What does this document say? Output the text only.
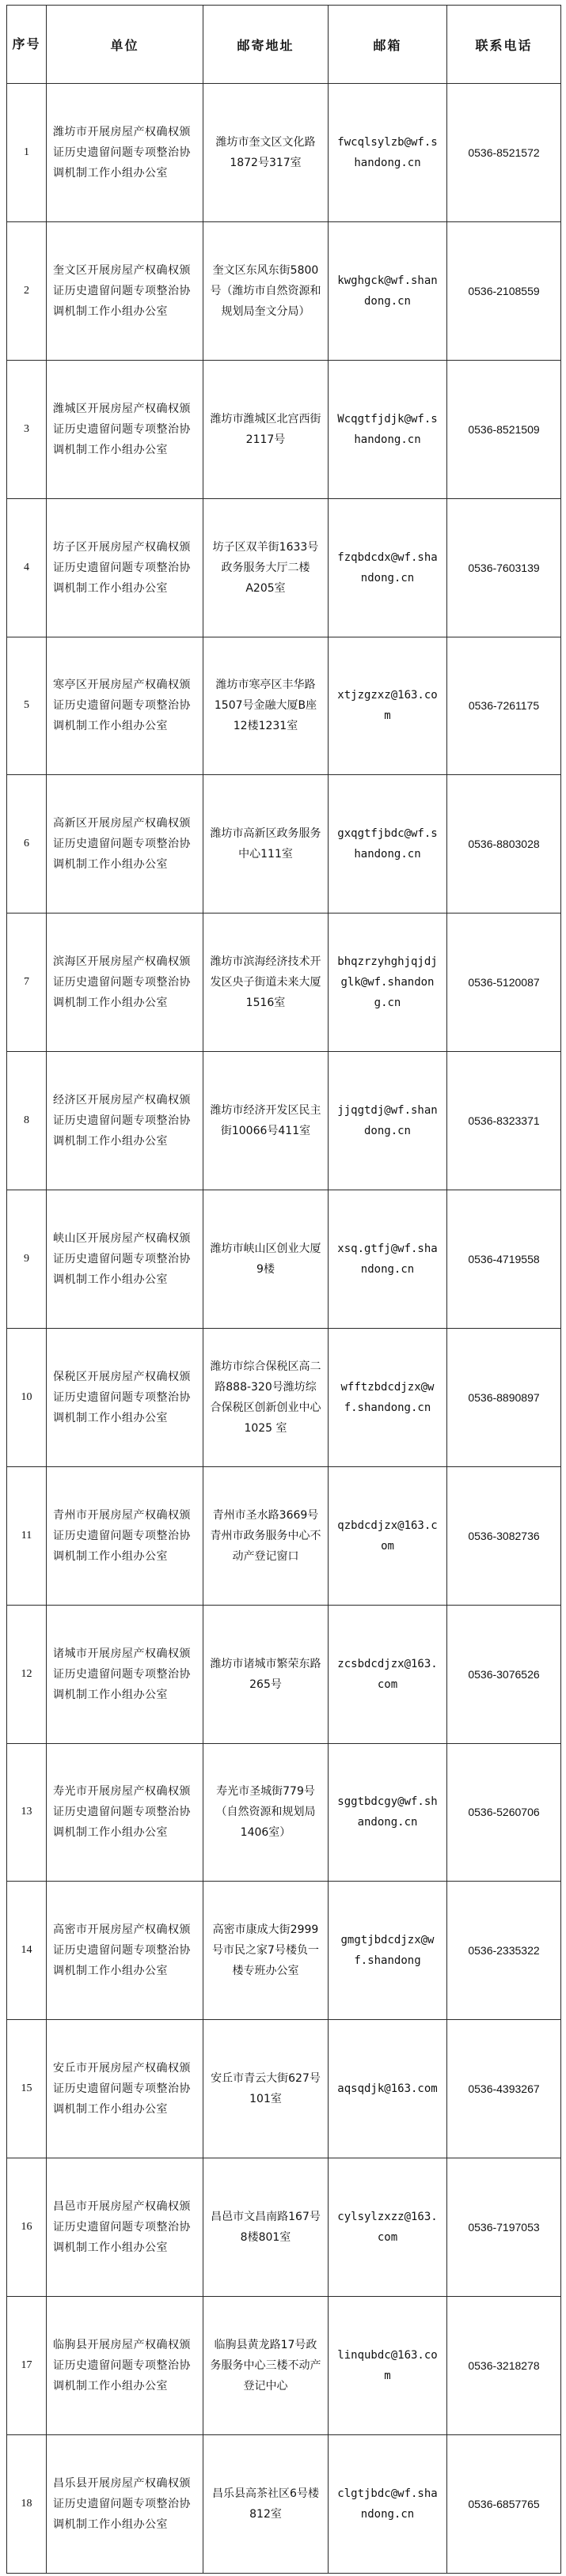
序号	单位	邮寄地址	邮箱	联系电话
1	潍坊市开展房屋产权确权颁证历史遗留问题专项整治协调机制工作小组办公室	潍坊市奎文区文化路1872号317室	fwcqlsylzb@wf.shandong.cn	0536-8521572
2	奎文区开展房屋产权确权颁证历史遗留问题专项整治协调机制工作小组办公室	奎文区东风东街5800号（潍坊市自然资源和规划局奎文分局）	kwghgck@wf.shandong.cn	0536-2108559
3	潍城区开展房屋产权确权颁证历史遗留问题专项整治协调机制工作小组办公室	潍坊市潍城区北宫西街2117号	Wcqgtfjdjk@wf.shandong.cn	0536-8521509
4	坊子区开展房屋产权确权颁证历史遗留问题专项整治协调机制工作小组办公室	坊子区双羊街1633号政务服务大厅二楼A205室	fzqbdcdx@wf.shandong.cn	0536-7603139
5	寒亭区开展房屋产权确权颁证历史遗留问题专项整治协调机制工作小组办公室	潍坊市寒亭区丰华路1507号金融大厦B座12楼1231室	xtjzgzxz@163.com	0536-7261175
6	高新区开展房屋产权确权颁证历史遗留问题专项整治协调机制工作小组办公室	潍坊市高新区政务服务中心111室	gxqgtfjbdc@wf.shandong.cn	0536-8803028
7	滨海区开展房屋产权确权颁证历史遗留问题专项整治协调机制工作小组办公室	潍坊市滨海经济技术开发区央子街道未来大厦1516室	bhqzrzyhghjqjdjglk@wf.shandong.cn	0536-5120087
8	经济区开展房屋产权确权颁证历史遗留问题专项整治协调机制工作小组办公室	潍坊市经济开发区民主街10066号411室	jjqgtdj@wf.shandong.cn	0536-8323371
9	峡山区开展房屋产权确权颁证历史遗留问题专项整治协调机制工作小组办公室	潍坊市峡山区创业大厦9楼	xsq.gtfj@wf.shandong.cn	0536-4719558
10	保税区开展房屋产权确权颁证历史遗留问题专项整治协调机制工作小组办公室	潍坊市综合保税区高二路888-320号潍坊综合保税区创新创业中心1025 室	wfftzbdcdjzx@wf.shandong.cn	0536-8890897
11	青州市开展房屋产权确权颁证历史遗留问题专项整治协调机制工作小组办公室	青州市圣水路3669号青州市政务服务中心不动产登记窗口	qzbdcdjzx@163.com	0536-3082736
12	诸城市开展房屋产权确权颁证历史遗留问题专项整治协调机制工作小组办公室	潍坊市诸城市繁荣东路265号	zcsbdcdjzx@163.com	0536-3076526
13	寿光市开展房屋产权确权颁证历史遗留问题专项整治协调机制工作小组办公室	寿光市圣城街779号（自然资源和规划局1406室）	sggtbdcgy@wf.shandong.cn	0536-5260706
14	高密市开展房屋产权确权颁证历史遗留问题专项整治协调机制工作小组办公室	高密市康成大街2999号市民之家7号楼负一楼专班办公室	gmgtjbdcdjzx@wf.shandong	0536-2335322
15	安丘市开展房屋产权确权颁证历史遗留问题专项整治协调机制工作小组办公室	安丘市青云大街627号101室	aqsqdjk@163.com	0536-4393267
16	昌邑市开展房屋产权确权颁证历史遗留问题专项整治协调机制工作小组办公室	昌邑市文昌南路167号8楼801室	cylsylzxzz@163.com	0536-7197053
17	临朐县开展房屋产权确权颁证历史遗留问题专项整治协调机制工作小组办公室	临朐县黄龙路17号政务服务中心三楼不动产登记中心	linqubdc@163.com	0536-3218278
18	昌乐县开展房屋产权确权颁证历史遗留问题专项整治协调机制工作小组办公室	昌乐县高茶社区6号楼812室	clgtjbdc@wf.shandong.cn	0536-6857765
